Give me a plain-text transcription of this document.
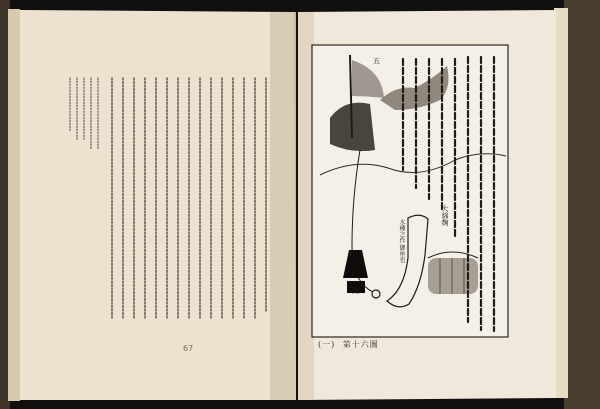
67
五
大綿麹
鋼
水種之作 御座也
(一) 第十六圖
